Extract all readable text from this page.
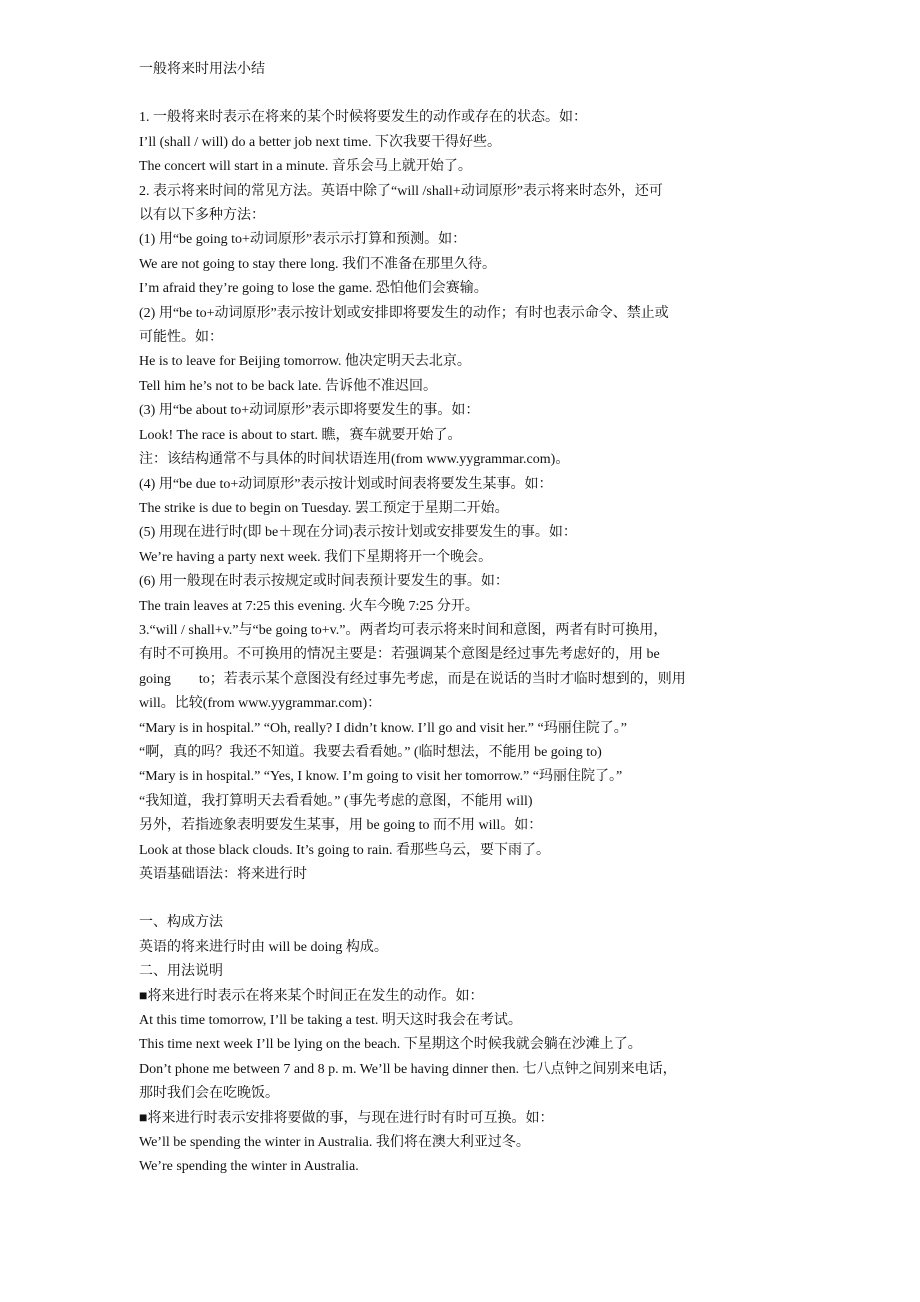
一般将来时用法小结
1. 一般将来时表示在将来的某个时候将要发生的动作或存在的状态。如：
I’ll (shall / will) do a better job next time. 下次我要干得好些。
The concert will start in a minute. 音乐会马上就开始了。
2. 表示将来时间的常见方法。英语中除了“will /shall+动词原形”表示将来时态外，还可
以有以下多种方法：
(1) 用“be going to+动词原形”表示示打算和预测。如：
We are not going to stay there long. 我们不准备在那里久待。
I’m afraid they’re going to lose the game. 恐怕他们会赛输。
(2) 用“be to+动词原形”表示按计划或安排即将要发生的动作；有时也表示命令、禁止或
可能性。如：
He is to leave for Beijing tomorrow. 他决定明天去北京。
Tell him he’s not to be back late. 告诉他不准迟回。
(3) 用“be about to+动词原形”表示即将要发生的事。如：
Look! The race is about to start. 瞧，赛车就要开始了。
注：该结构通常不与具体的时间状语连用(from www.yygrammar.com)。
(4) 用“be due to+动词原形”表示按计划或时间表将要发生某事。如：
The strike is due to begin on Tuesday. 罢工预定于星期二开始。
(5) 用现在进行时(即 be＋现在分词)表示按计划或安排要发生的事。如：
We’re having a party next week. 我们下星期将开一个晚会。
(6) 用一般现在时表示按规定或时间表预计要发生的事。如：
The train leaves at 7:25 this evening. 火车今晚 7:25 分开。
3.“will / shall+v.”与“be going to+v.”。两者均可表示将来时间和意图，两者有时可换用，
有时不可换用。不可换用的情况主要是：若强调某个意图是经过事先考虑好的，用 be
going        to；若表示某个意图没有经过事先考虑，而是在说话的当时才临时想到的，则用
will。比较(from www.yygrammar.com)：
“Mary is in hospital.” “Oh, really? I didn’t know. I’ll go and visit her.” “玛丽住院了。”
“啊，真的吗？我还不知道。我要去看看她。” (临时想法，不能用 be going to)
“Mary is in hospital.” “Yes, I know. I’m going to visit her tomorrow.” “玛丽住院了。”
“我知道，我打算明天去看看她。” (事先考虑的意图，不能用 will)
另外，若指迹象表明要发生某事，用 be going to 而不用 will。如：
Look at those black clouds. It’s going to rain. 看那些乌云，要下雨了。
英语基础语法：将来进行时
一、构成方法
英语的将来进行时由 will be doing 构成。
二、用法说明
■将来进行时表示在将来某个时间正在发生的动作。如：
At this time tomorrow, I’ll be taking a test. 明天这时我会在考试。
This time next week I’ll be lying on the beach. 下星期这个时候我就会躺在沙滩上了。
Don’t phone me between 7 and 8 p. m. We’ll be having dinner then. 七八点钟之间别来电话，
那时我们会在吃晚饭。
■将来进行时表示安排将要做的事，与现在进行时有时可互换。如：
We’ll be spending the winter in Australia. 我们将在澳大利亚过冬。
We’re spending the winter in Australia.
